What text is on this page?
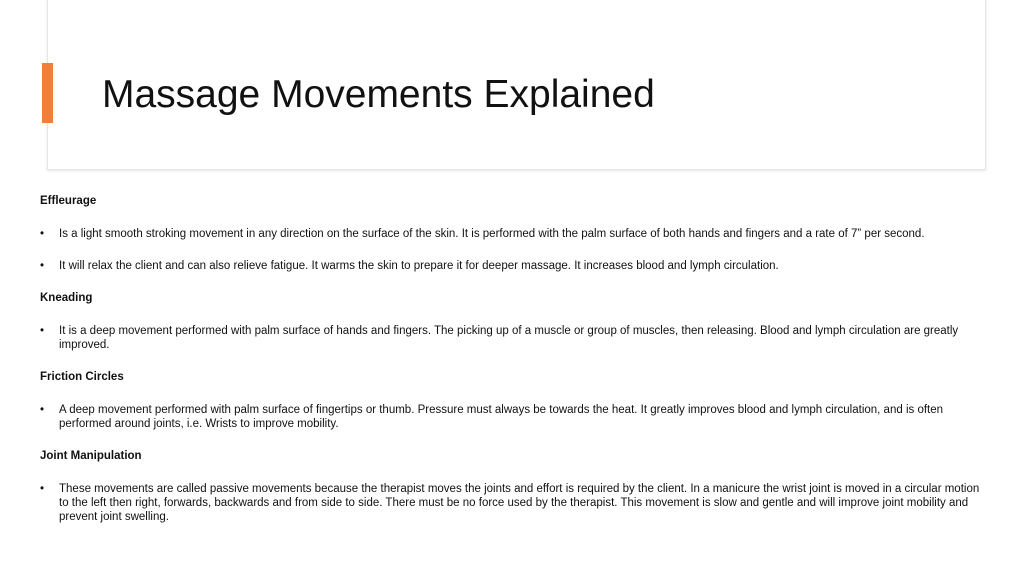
Massage Movements Explained
Effleurage
• Is a light smooth stroking movement in any direction on the surface of the skin. It is performed with the palm surface of both hands and fingers and a rate of 7” per second.
• It will relax the client and can also relieve fatigue. It warms the skin to prepare it for deeper massage. It increases blood and lymph circulation.
Kneading
• It is a deep movement performed with palm surface of hands and fingers. The picking up of a muscle or group of muscles, then releasing. Blood and lymph circulation are greatly improved.
Friction Circles
• A deep movement performed with palm surface of fingertips or thumb. Pressure must always be towards the heat. It greatly improves blood and lymph circulation, and is often performed around joints, i.e. Wrists to improve mobility.
Joint Manipulation
• These movements are called passive movements because the therapist moves the joints and effort is required by the client. In a manicure the wrist joint is moved in a circular motion to the left then right, forwards, backwards and from side to side. There must be no force used by the therapist. This movement is slow and gentle and will improve joint mobility and prevent joint swelling.
